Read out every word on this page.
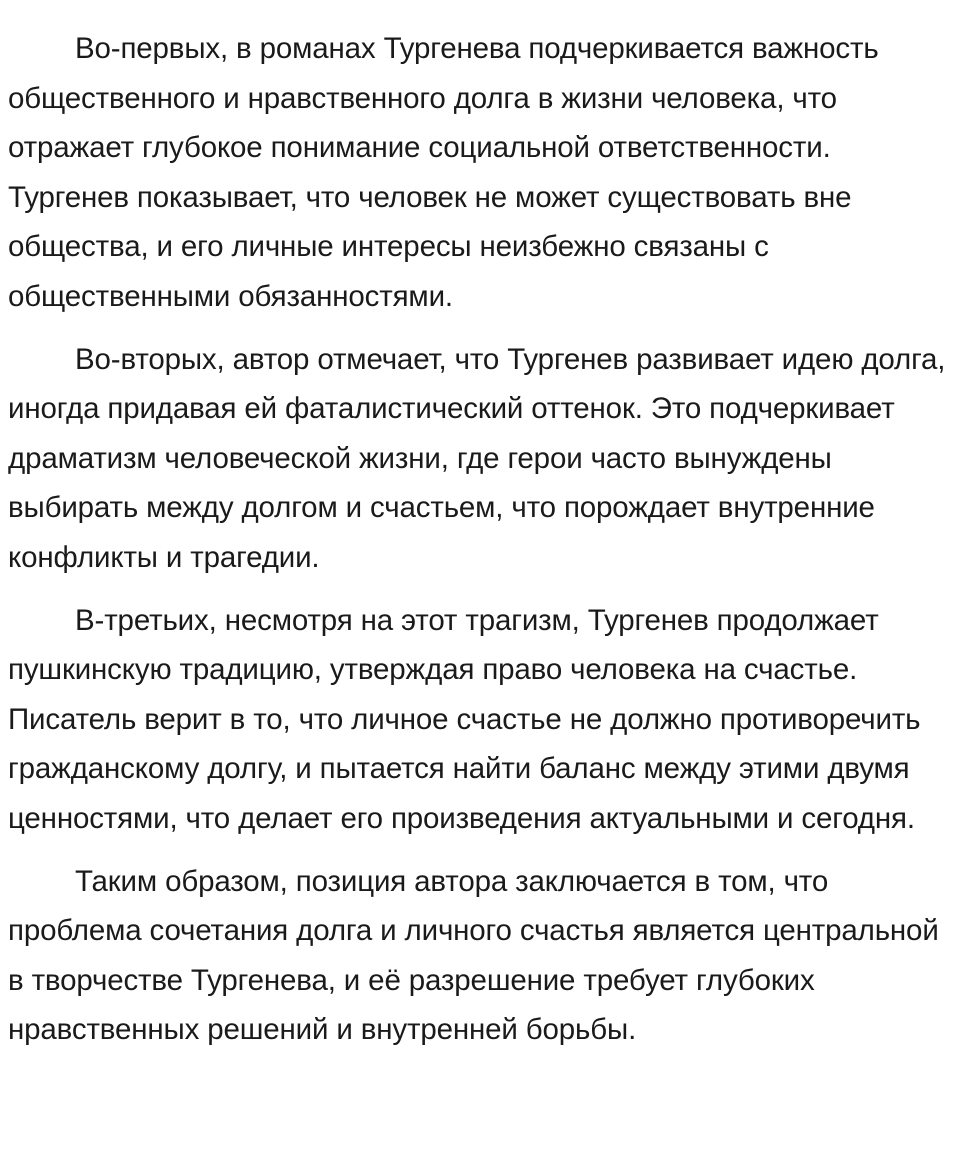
Во-первых, в романах Тургенева подчеркивается важность общественного и нравственного долга в жизни человека, что отражает глубокое понимание социальной ответственности. Тургенев показывает, что человек не может существовать вне общества, и его личные интересы неизбежно связаны с общественными обязанностями.

Во-вторых, автор отмечает, что Тургенев развивает идею долга, иногда придавая ей фаталистический оттенок. Это подчеркивает драматизм человеческой жизни, где герои часто вынуждены выбирать между долгом и счастьем, что порождает внутренние конфликты и трагедии.

В-третьих, несмотря на этот трагизм, Тургенев продолжает пушкинскую традицию, утверждая право человека на счастье. Писатель верит в то, что личное счастье не должно противоречить гражданскому долгу, и пытается найти баланс между этими двумя ценностями, что делает его произведения актуальными и сегодня.

Таким образом, позиция автора заключается в том, что проблема сочетания долга и личного счастья является центральной в творчестве Тургенева, и её разрешение требует глубоких нравственных решений и внутренней борьбы.
